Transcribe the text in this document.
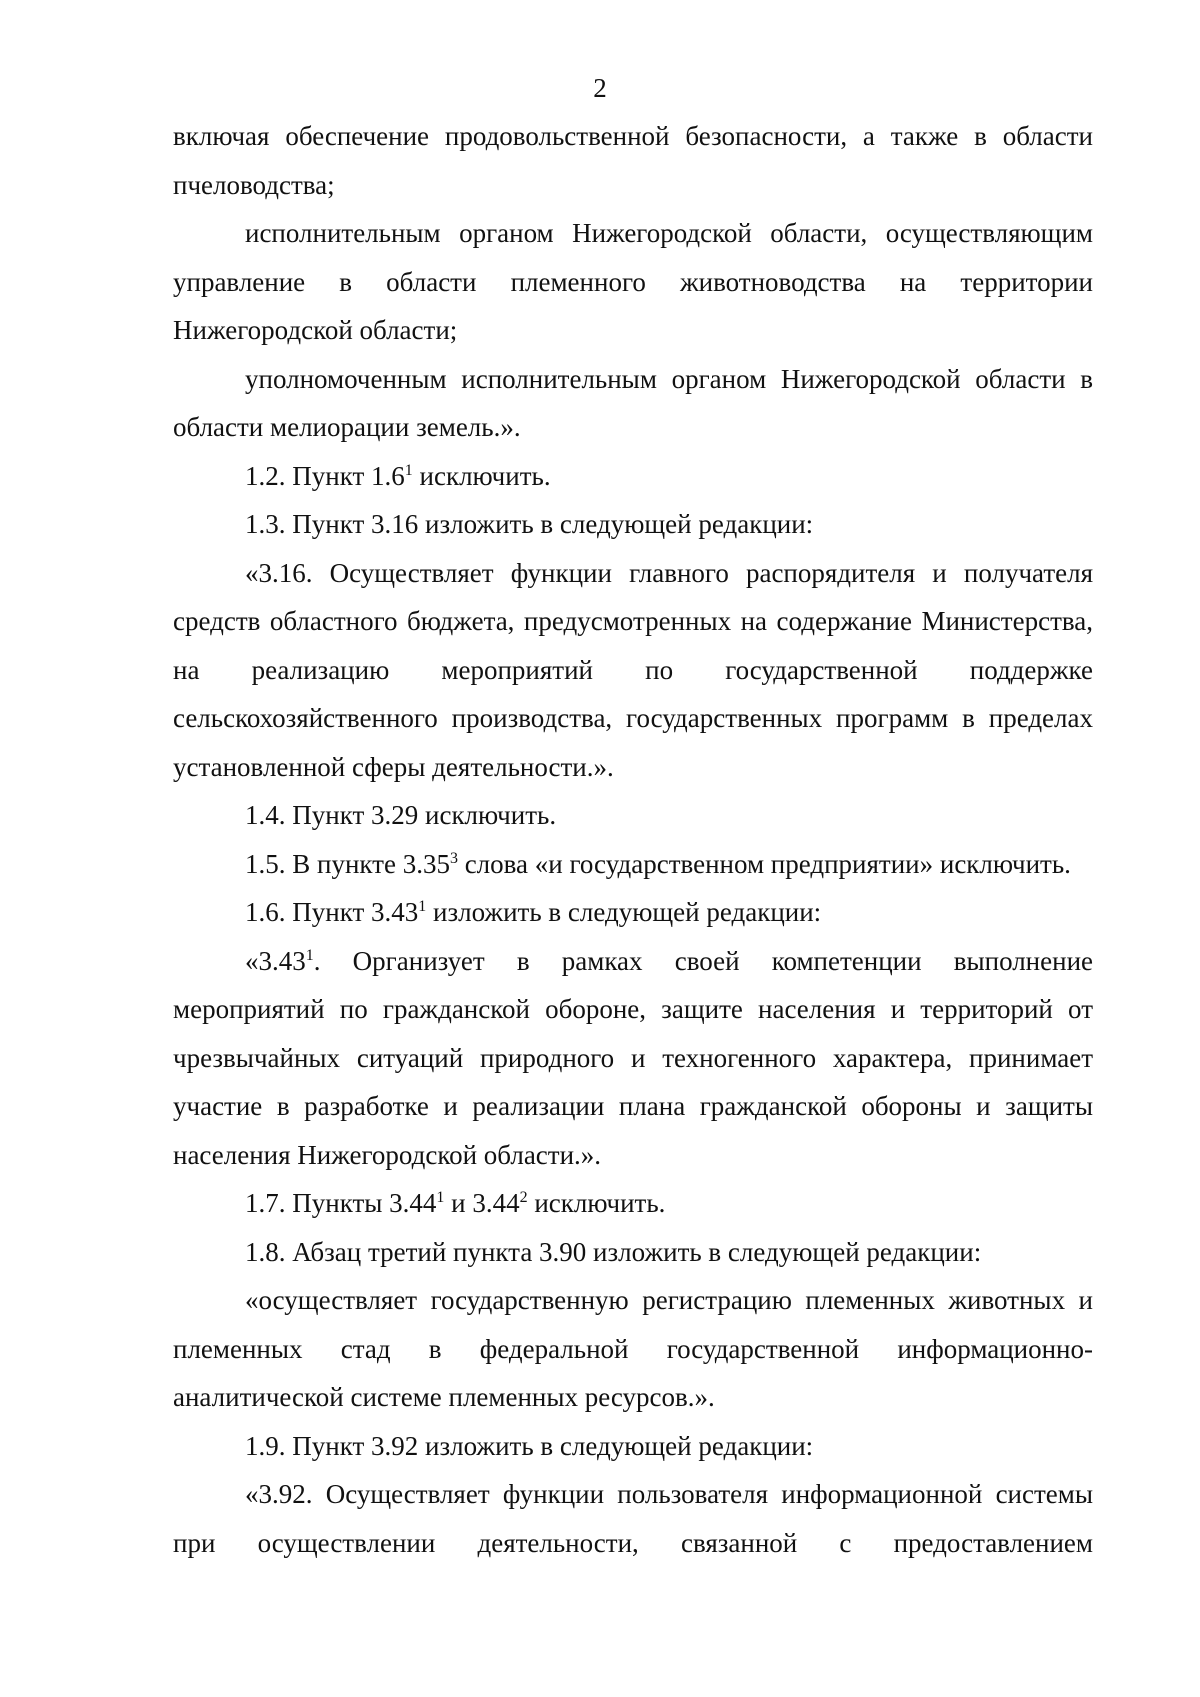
2

включая обеспечение продовольственной безопасности, а также в области пчеловодства;

исполнительным органом Нижегородской области, осуществляющим управление в области племенного животноводства на территории Нижегородской области;

уполномоченным исполнительным органом Нижегородской области в области мелиорации земель.».

1.2. Пункт $1.6^1$ исключить.

1.3. Пункт 3.16 изложить в следующей редакции:

«3.16. Осуществляет функции главного распорядителя и получателя средств областного бюджета, предусмотренных на содержание Министерства, на реализацию мероприятий по государственной поддержке сельскохозяйственного производства, государственных программ в пределах установленной сферы деятельности.».

1.4. Пункт 3.29 исключить.

1.5. В пункте 3.35$^3$ слова «и государственном предприятии» исключить.

1.6. Пункт 3.43$^1$ изложить в следующей редакции:

«3.43$^1$. Организует в рамках своей компетенции выполнение мероприятий по гражданской обороне, защите населения и территорий от чрезвычайных ситуаций природного и техногенного характера, принимает участие в разработке и реализации плана гражданской обороны и защиты населения Нижегородской области.».

1.7. Пункты 3.44$^1$ и 3.44$^2$ исключить.

1.8. Абзац третий пункта 3.90 изложить в следующей редакции:

«осуществляет государственную регистрацию племенных животных и племенных стад в федеральной государственной информационно-аналитической системе племенных ресурсов.».

1.9. Пункт 3.92 изложить в следующей редакции:

«3.92. Осуществляет функции пользователя информационной системы при осуществлении деятельности, связанной с предоставлением
